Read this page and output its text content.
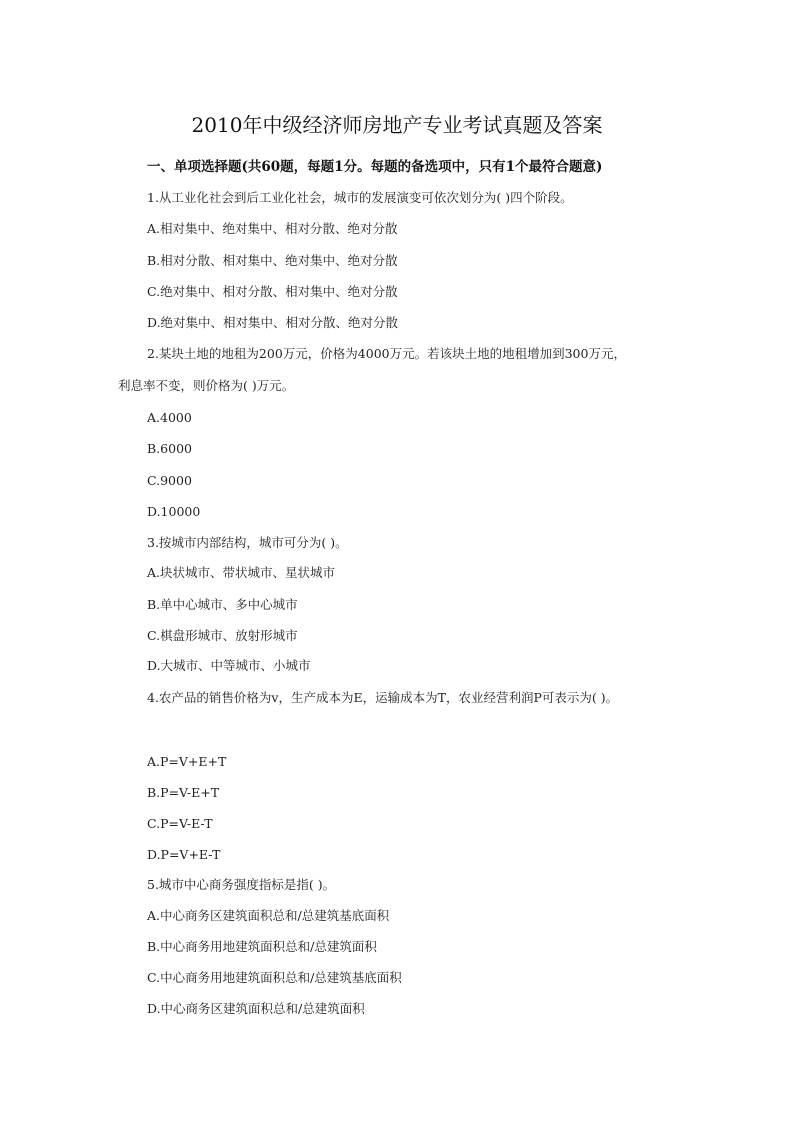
2010年中级经济师房地产专业考试真题及答案
一、单项选择题(共60题，每题1分。每题的备选项中，只有1个最符合题意)
1.从工业化社会到后工业化社会，城市的发展演变可依次划分为( )四个阶段。
A.相对集中、绝对集中、相对分散、绝对分散
B.相对分散、相对集中、绝对集中、绝对分散
C.绝对集中、相对分散、相对集中、绝对分散
D.绝对集中、相对集中、相对分散、绝对分散
2.某块土地的地租为200万元，价格为4000万元。若该块土地的地租增加到300万元，
利息率不变，则价格为( )万元。
A.4000
B.6000
C.9000
D.10000
3.按城市内部结构，城市可分为( )。
A.块状城市、带状城市、星状城市
B.单中心城市、多中心城市
C.棋盘形城市、放射形城市
D.大城市、中等城市、小城市
4.农产品的销售价格为v，生产成本为E，运输成本为T，农业经营利润P可表示为( )。
A.P=V+E+T
B.P=V-E+T
C.P=V-E-T
D.P=V+E-T
5.城市中心商务强度指标是指( )。
A.中心商务区建筑面积总和/总建筑基底面积
B.中心商务用地建筑面积总和/总建筑面积
C.中心商务用地建筑面积总和/总建筑基底面积
D.中心商务区建筑面积总和/总建筑面积
